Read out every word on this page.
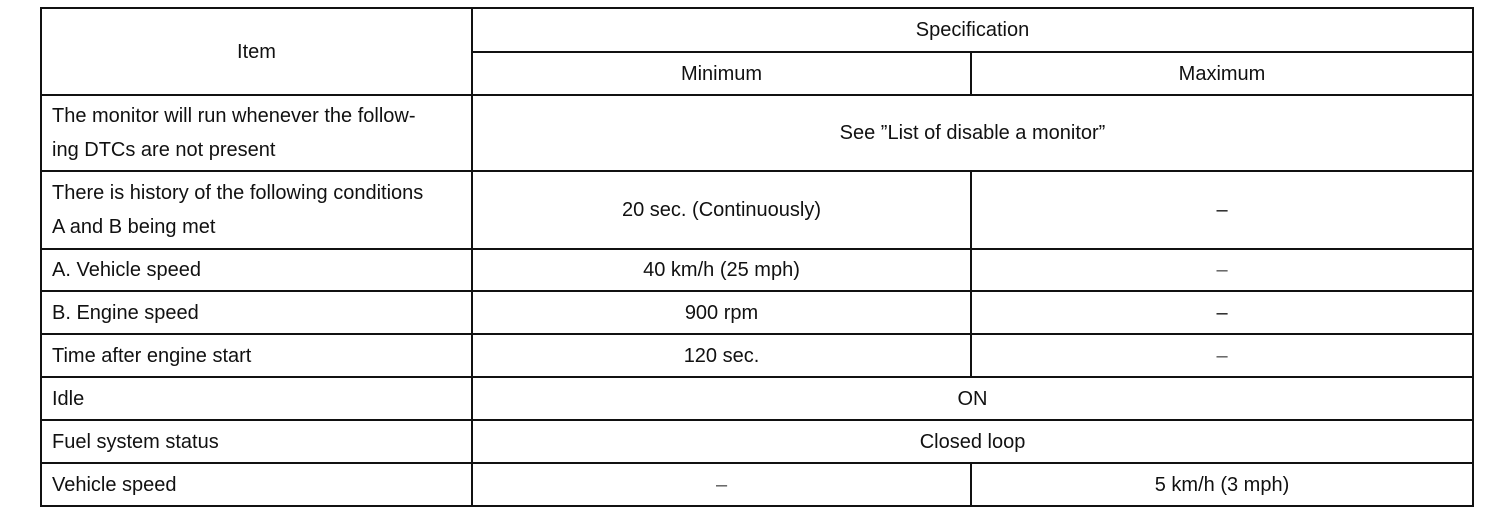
Item	Specification	
	Minimum	Maximum

The monitor will run whenever the follow-
ing DTCs are not present	See ”List of disable a monitor”	

There is history of the following conditions
A and B being met	20 sec. (Continuously)	–
A. Vehicle speed	40 km/h (25 mph)	–
B. Engine speed	900 rpm	–
Time after engine start	120 sec.	–
Idle	ON	
Fuel system status	Closed loop	
Vehicle speed	–	5 km/h (3 mph)
